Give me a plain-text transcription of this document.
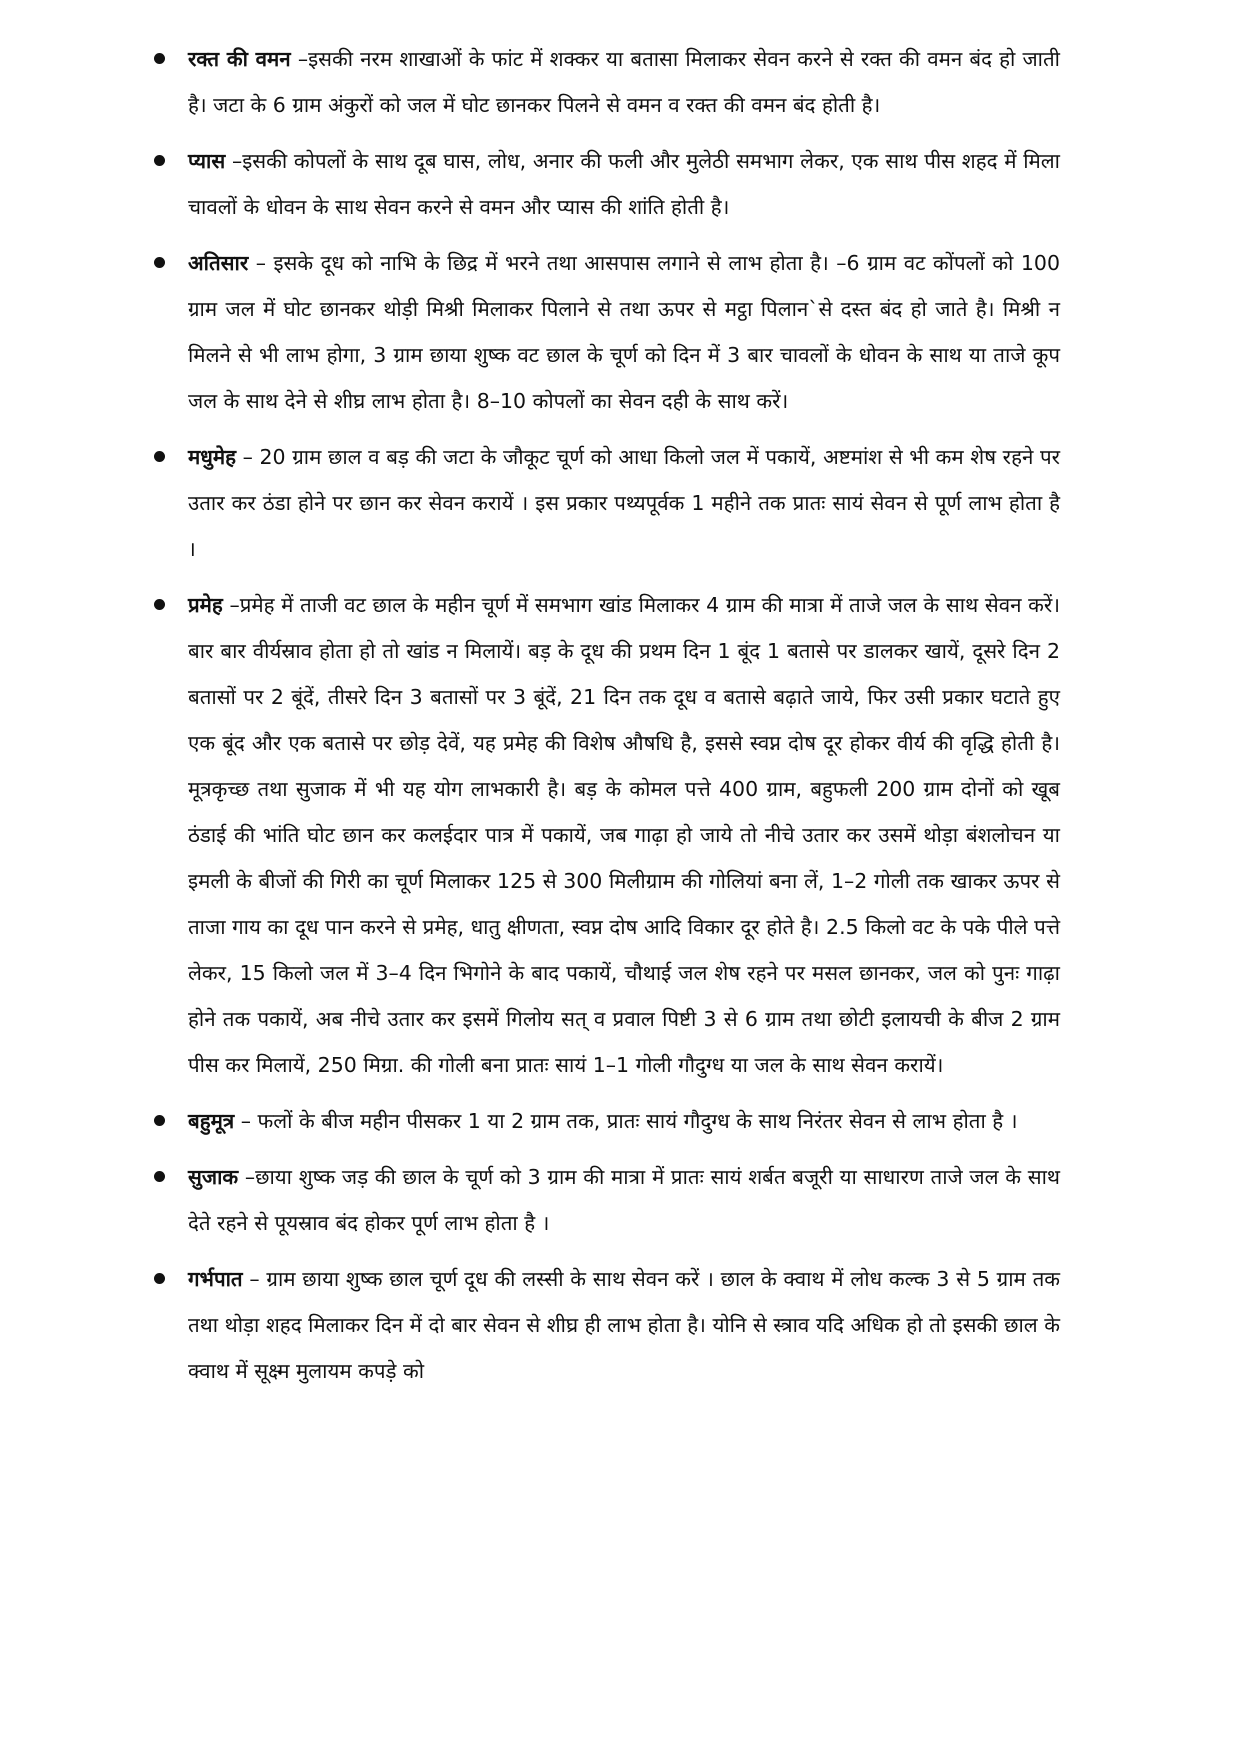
रक्त की वमन –इसकी नरम शाखाओं के फांट में शक्कर या बतासा मिलाकर सेवन करने से रक्त की वमन बंद हो जाती है। जटा के 6 ग्राम अंकुरों को जल में घोट छानकर पिलने से वमन व रक्त की वमन बंद होती है।
प्यास –इसकी कोपलों के साथ दूब घास, लोध, अनार की फली और मुलेठी समभाग लेकर, एक साथ पीस शहद में मिला चावलों के धोवन के साथ सेवन करने से वमन और प्यास की शांति होती है।
अतिसार – इसके दूध को नाभि के छिद्र में भरने तथा आसपास लगाने से लाभ होता है। –6 ग्राम वट कोंपलों को 100 ग्राम जल में घोट छानकर थोड़ी मिश्री मिलाकर पिलाने से तथा ऊपर से मट्ठा पिलान`से दस्त बंद हो जाते है। मिश्री न मिलने से भी लाभ होगा, 3 ग्राम छाया शुष्क वट छाल के चूर्ण को दिन में 3 बार चावलों के धोवन के साथ या ताजे कूप जल के साथ देने से शीघ्र लाभ होता है। 8–10 कोपलों का सेवन दही के साथ करें।
मधुमेह – 20 ग्राम छाल व बड़ की जटा के जौकूट चूर्ण को आधा किलो जल में पकायें, अष्टमांश से भी कम शेष रहने पर उतार कर ठंडा होने पर छान कर सेवन करायें । इस प्रकार पथ्यपूर्वक 1 महीने तक प्रातः सायं सेवन से पूर्ण लाभ होता है ।
प्रमेह –प्रमेह में ताजी वट छाल के महीन चूर्ण में समभाग खांड मिलाकर 4 ग्राम की मात्रा में ताजे जल के साथ सेवन करें। बार बार वीर्यस्राव होता हो तो खांड न मिलायें। बड़ के दूध की प्रथम दिन 1 बूंद 1 बतासे पर डालकर खायें, दूसरे दिन 2 बतासों पर 2 बूंदें, तीसरे दिन 3 बतासों पर 3 बूंदें, 21 दिन तक दूध व बतासे बढ़ाते जाये, फिर उसी प्रकार घटाते हुए एक बूंद और एक बतासे पर छोड़ देवें, यह प्रमेह की विशेष औषधि है, इससे स्वप्न दोष दूर होकर वीर्य की वृद्धि होती है। मूत्रकृच्छ तथा सुजाक में भी यह योग लाभकारी है। बड़ के कोमल पत्ते 400 ग्राम, बहुफली 200 ग्राम दोनों को खूब ठंडाई की भांति घोट छान कर कलईदार पात्र में पकायें, जब गाढ़ा हो जाये तो नीचे उतार कर उसमें थोड़ा बंशलोचन या इमली के बीजों की गिरी का चूर्ण मिलाकर 125 से 300 मिलीग्राम की गोलियां बना लें, 1–2 गोली तक खाकर ऊपर से ताजा गाय का दूध पान करने से प्रमेह, धातु क्षीणता, स्वप्न दोष आदि विकार दूर होते है। 2.5 किलो वट के पके पीले पत्ते लेकर, 15 किलो जल में 3–4 दिन भिगोने के बाद पकायें, चौथाई जल शेष रहने पर मसल छानकर, जल को पुनः गाढ़ा होने तक पकायें, अब नीचे उतार कर इसमें गिलोय सत् व प्रवाल पिष्टी 3 से 6 ग्राम तथा छोटी इलायची के बीज 2 ग्राम पीस कर मिलायें, 250 मिग्रा. की गोली बना प्रातः सायं 1–1 गोली गौदुग्ध या जल के साथ सेवन करायें।
बहुमूत्र – फलों के बीज महीन पीसकर 1 या 2 ग्राम तक, प्रातः सायं गौदुग्ध के साथ निरंतर सेवन से लाभ होता है ।
सुजाक –छाया शुष्क जड़ की छाल के चूर्ण को 3 ग्राम की मात्रा में प्रातः सायं शर्बत बजूरी या साधारण ताजे जल के साथ देते रहने से पूयस्राव बंद होकर पूर्ण लाभ होता है ।
गर्भपात – ग्राम छाया शुष्क छाल चूर्ण दूध की लस्सी के साथ सेवन करें । छाल के क्वाथ में लोध कल्क 3 से 5 ग्राम तक तथा थोड़ा शहद मिलाकर दिन में दो बार सेवन से शीघ्र ही लाभ होता है। योनि से स्त्राव यदि अधिक हो तो इसकी छाल के क्वाथ में सूक्ष्म मुलायम कपड़े को
